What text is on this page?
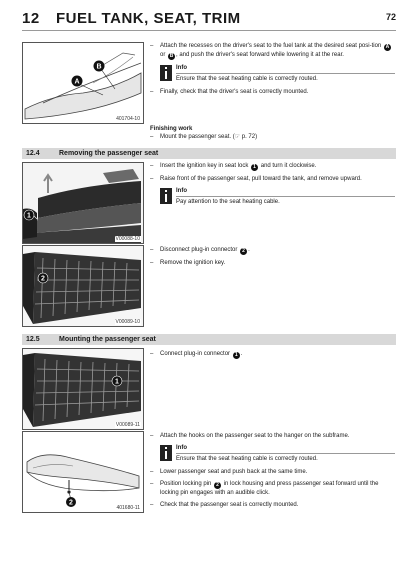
12 FUEL TANK, SEAT, TRIM	72
A
B
401704-10
– Attach the recesses on the driver's seat to the fuel tank at the desired seat posi-tion A or B , and push the driver's seat forward while lowering it at the rear.
Info
Ensure that the seat heating cable is correctly routed.
– Finally, check that the driver's seat is correctly mounted.
Finishing work
– Mount the passenger seat. (☞ p. 72)
12.4	Removing the passenger seat
1
V00088-10
2
V00089-10
– Insert the ignition key in seat lock 1 and turn it clockwise.
– Raise front of the passenger seat, pull toward the tank, and remove upward.
Info
Pay attention to the seat heating cable.
– Disconnect plug-in connector 2 .
– Remove the ignition key.
12.5	Mounting the passenger seat
1
V00089-11
2
401680-11
– Connect plug-in connector 1 .
– Attach the hooks on the passenger seat to the hanger on the subframe.
Info
Ensure that the seat heating cable is correctly routed.
– Lower passenger seat and push back at the same time.
– Position locking pin 2 in lock housing and press passenger seat forward until the locking pin engages with an audible click.
– Check that the passenger seat is correctly mounted.
